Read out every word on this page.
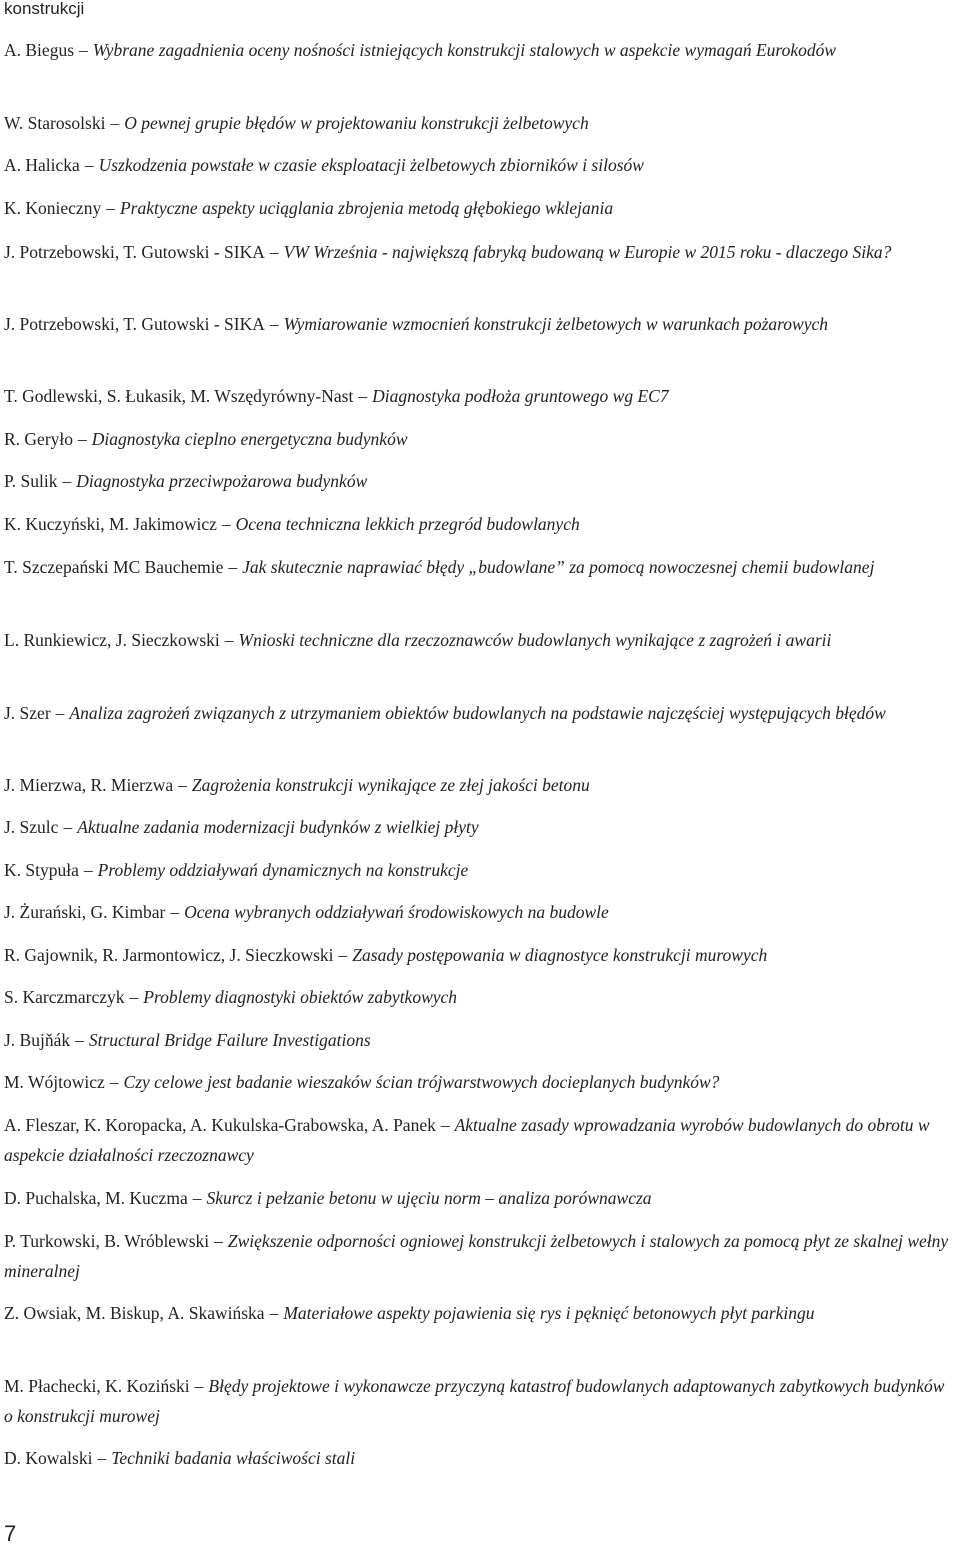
konstrukcji
A. Biegus – Wybrane zagadnienia oceny nośności istniejących konstrukcji stalowych w aspekcie wymagań Eurokodów
W. Starosolski – O pewnej grupie błędów w projektowaniu konstrukcji żelbetowych
A. Halicka – Uszkodzenia powstałe w czasie eksploatacji żelbetowych zbiorników i silosów
K. Konieczny – Praktyczne aspekty uciąglania zbrojenia metodą głębokiego wklejania
J. Potrzebowski, T. Gutowski - SIKA – VW Września - największą fabryką budowaną w Europie w 2015 roku - dlaczego Sika?
J. Potrzebowski, T. Gutowski - SIKA – Wymiarowanie wzmocnień konstrukcji żelbetowych w warunkach pożarowych
T. Godlewski, S. Łukasik, M. Wszędyrówny-Nast – Diagnostyka podłoża gruntowego wg EC7
R. Geryło – Diagnostyka cieplno energetyczna budynków
P. Sulik – Diagnostyka przeciwpożarowa budynków
K. Kuczyński, M. Jakimowicz – Ocena techniczna lekkich przegród budowlanych
T. Szczepański MC Bauchemie – Jak skutecznie naprawiać błędy „budowlane” za pomocą nowoczesnej chemii budowlanej
L. Runkiewicz, J. Sieczkowski – Wnioski techniczne dla rzeczoznawców budowlanych wynikające z zagrożeń i awarii
J. Szer – Analiza zagrożeń związanych z utrzymaniem obiektów budowlanych na podstawie najczęściej występujących błędów
J. Mierzwa, R. Mierzwa – Zagrożenia konstrukcji wynikające ze złej jakości betonu
J. Szulc – Aktualne zadania modernizacji budynków z wielkiej płyty
K. Stypuła – Problemy oddziaływań dynamicznych na konstrukcje
J. Żurański, G. Kimbar – Ocena wybranych oddziaływań środowiskowych na budowle
R. Gajownik, R. Jarmontowicz, J. Sieczkowski – Zasady postępowania w diagnostyce konstrukcji murowych
S. Karczmarczyk – Problemy diagnostyki obiektów zabytkowych
J. Bujňák – Structural Bridge Failure Investigations
M. Wójtowicz – Czy celowe jest badanie wieszaków ścian trójwarstwowych docieplanych budynków?
A. Fleszar, K. Koropacka, A. Kukulska-Grabowska, A. Panek – Aktualne zasady wprowadzania wyrobów budowlanych do obrotu w aspekcie działalności rzeczoznawcy
D. Puchalska, M. Kuczma – Skurcz i pełzanie betonu w ujęciu norm – analiza porównawcza
P. Turkowski, B. Wróblewski – Zwiększenie odporności ogniowej konstrukcji żelbetowych i stalowych za pomocą płyt ze skalnej wełny mineralnej
Z. Owsiak, M. Biskup, A. Skawińska – Materiałowe aspekty pojawienia się rys i pęknięć betonowych płyt parkingu
M. Płachecki, K. Koziński – Błędy projektowe i wykonawcze przyczyną katastrof budowlanych adaptowanych zabytkowych budynków o konstrukcji murowej
D. Kowalski – Techniki badania właściwości stali
7
